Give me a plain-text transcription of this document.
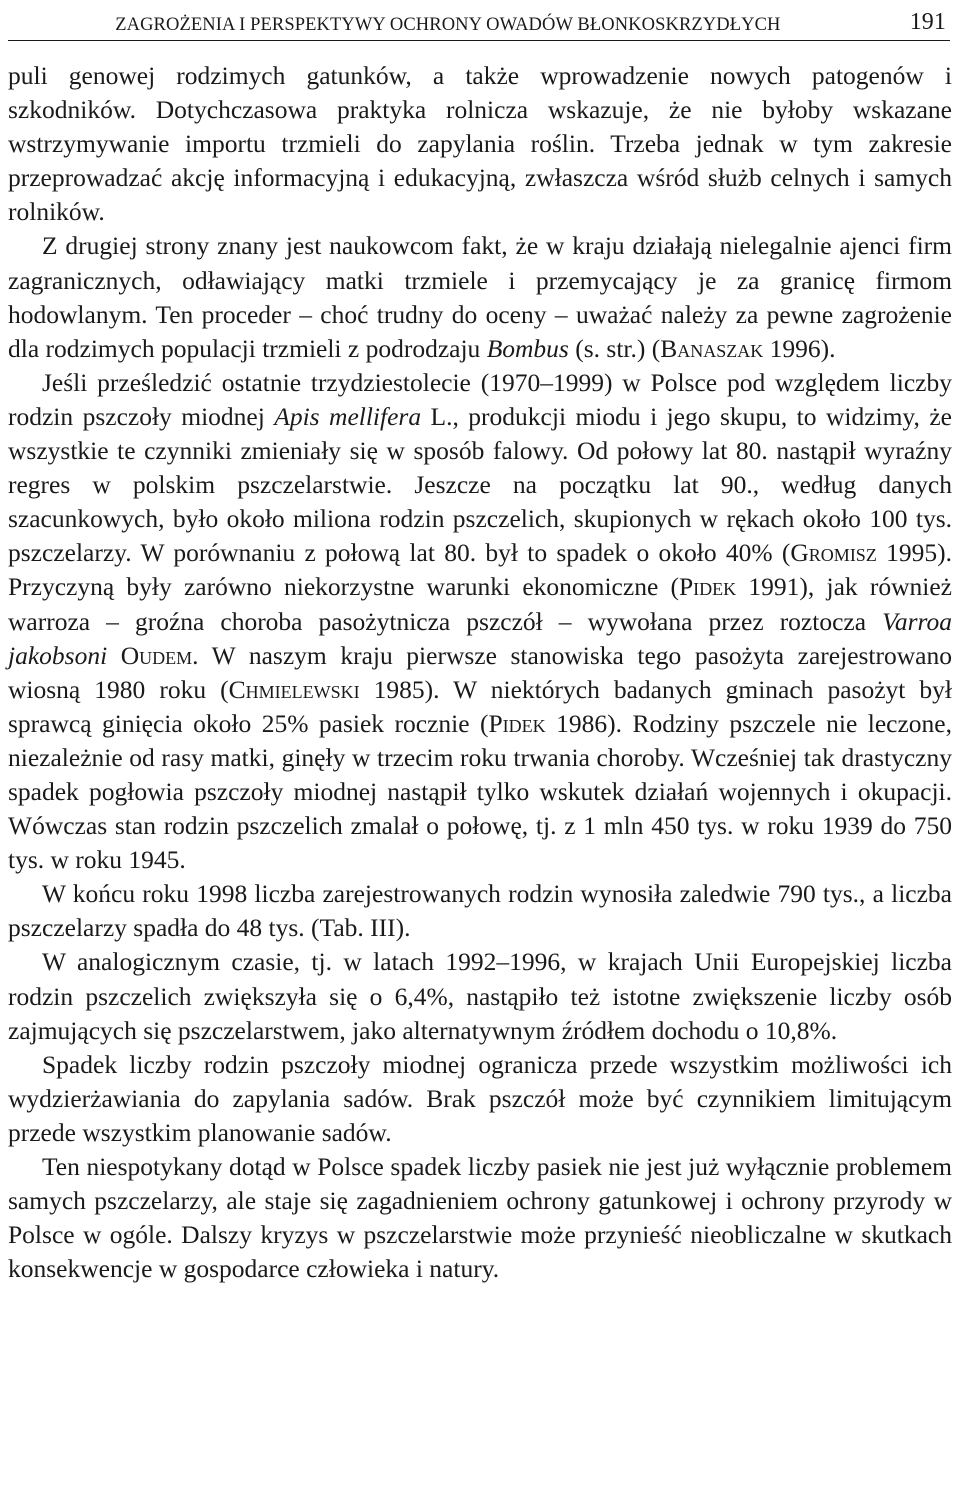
ZAGROŻENIA I PERSPEKTYWY OCHRONY OWADÓW BŁONKOSKRZYDŁYCH	191

puli genowej rodzimych gatunków, a także wprowadzenie nowych patogenów i szkodników. Dotychczasowa praktyka rolnicza wskazuje, że nie byłoby wskazane wstrzymywanie importu trzmieli do zapylania roślin. Trzeba jednak w tym zakresie przeprowadzać akcję informacyjną i edukacyjną, zwłaszcza wśród służb celnych i samych rolników.

Z drugiej strony znany jest naukowcom fakt, że w kraju działają nielegalnie ajenci firm zagranicznych, odławiający matki trzmiele i przemycający je za granicę firmom hodowlanym. Ten proceder – choć trudny do oceny – uważać należy za pewne zagrożenie dla rodzimych populacji trzmieli z podrodzaju Bombus (s. str.) (Banaszak 1996).

Jeśli prześledzić ostatnie trzydziestolecie (1970–1999) w Polsce pod względem liczby rodzin pszczoły miodnej Apis mellifera L., produkcji miodu i jego skupu, to widzimy, że wszystkie te czynniki zmieniały się w sposób falowy. Od połowy lat 80. nastąpił wyraźny regres w polskim pszczelarstwie. Jeszcze na początku lat 90., według danych szacunkowych, było około miliona rodzin pszczelich, skupionych w rękach około 100 tys. pszczelarzy. W porównaniu z połową lat 80. był to spadek o około 40% (Gromisz 1995). Przyczyną były zarówno niekorzystne warunki ekonomiczne (Pidek 1991), jak również warroza – groźna choroba pasożytnicza pszczół – wywołana przez roztocza Varroa jakobsoni Oudem. W naszym kraju pierwsze stanowiska tego pasożyta zarejestrowano wiosną 1980 roku (Chmielewski 1985). W niektórych badanych gminach pasożyt był sprawcą ginięcia około 25% pasiek rocznie (Pidek 1986). Rodziny pszczele nie leczone, niezależnie od rasy matki, ginęły w trzecim roku trwania choroby. Wcześniej tak drastyczny spadek pogłowia pszczoły miodnej nastąpił tylko wskutek działań wojennych i okupacji. Wówczas stan rodzin pszczelich zmalał o połowę, tj. z 1 mln 450 tys. w roku 1939 do 750 tys. w roku 1945.

W końcu roku 1998 liczba zarejestrowanych rodzin wynosiła zaledwie 790 tys., a liczba pszczelarzy spadła do 48 tys. (Tab. III).

W analogicznym czasie, tj. w latach 1992–1996, w krajach Unii Europejskiej liczba rodzin pszczelich zwiększyła się o 6,4%, nastąpiło też istotne zwiększenie liczby osób zajmujących się pszczelarstwem, jako alternatywnym źródłem dochodu o 10,8%.

Spadek liczby rodzin pszczoły miodnej ogranicza przede wszystkim możliwości ich wydzierżawiania do zapylania sadów. Brak pszczół może być czynnikiem limitującym przede wszystkim planowanie sadów.

Ten niespotykany dotąd w Polsce spadek liczby pasiek nie jest już wyłącznie problemem samych pszczelarzy, ale staje się zagadnieniem ochrony gatunkowej i ochrony przyrody w Polsce w ogóle. Dalszy kryzys w pszczelarstwie może przynieść nieobliczalne w skutkach konsekwencje w gospodarce człowieka i natury.
